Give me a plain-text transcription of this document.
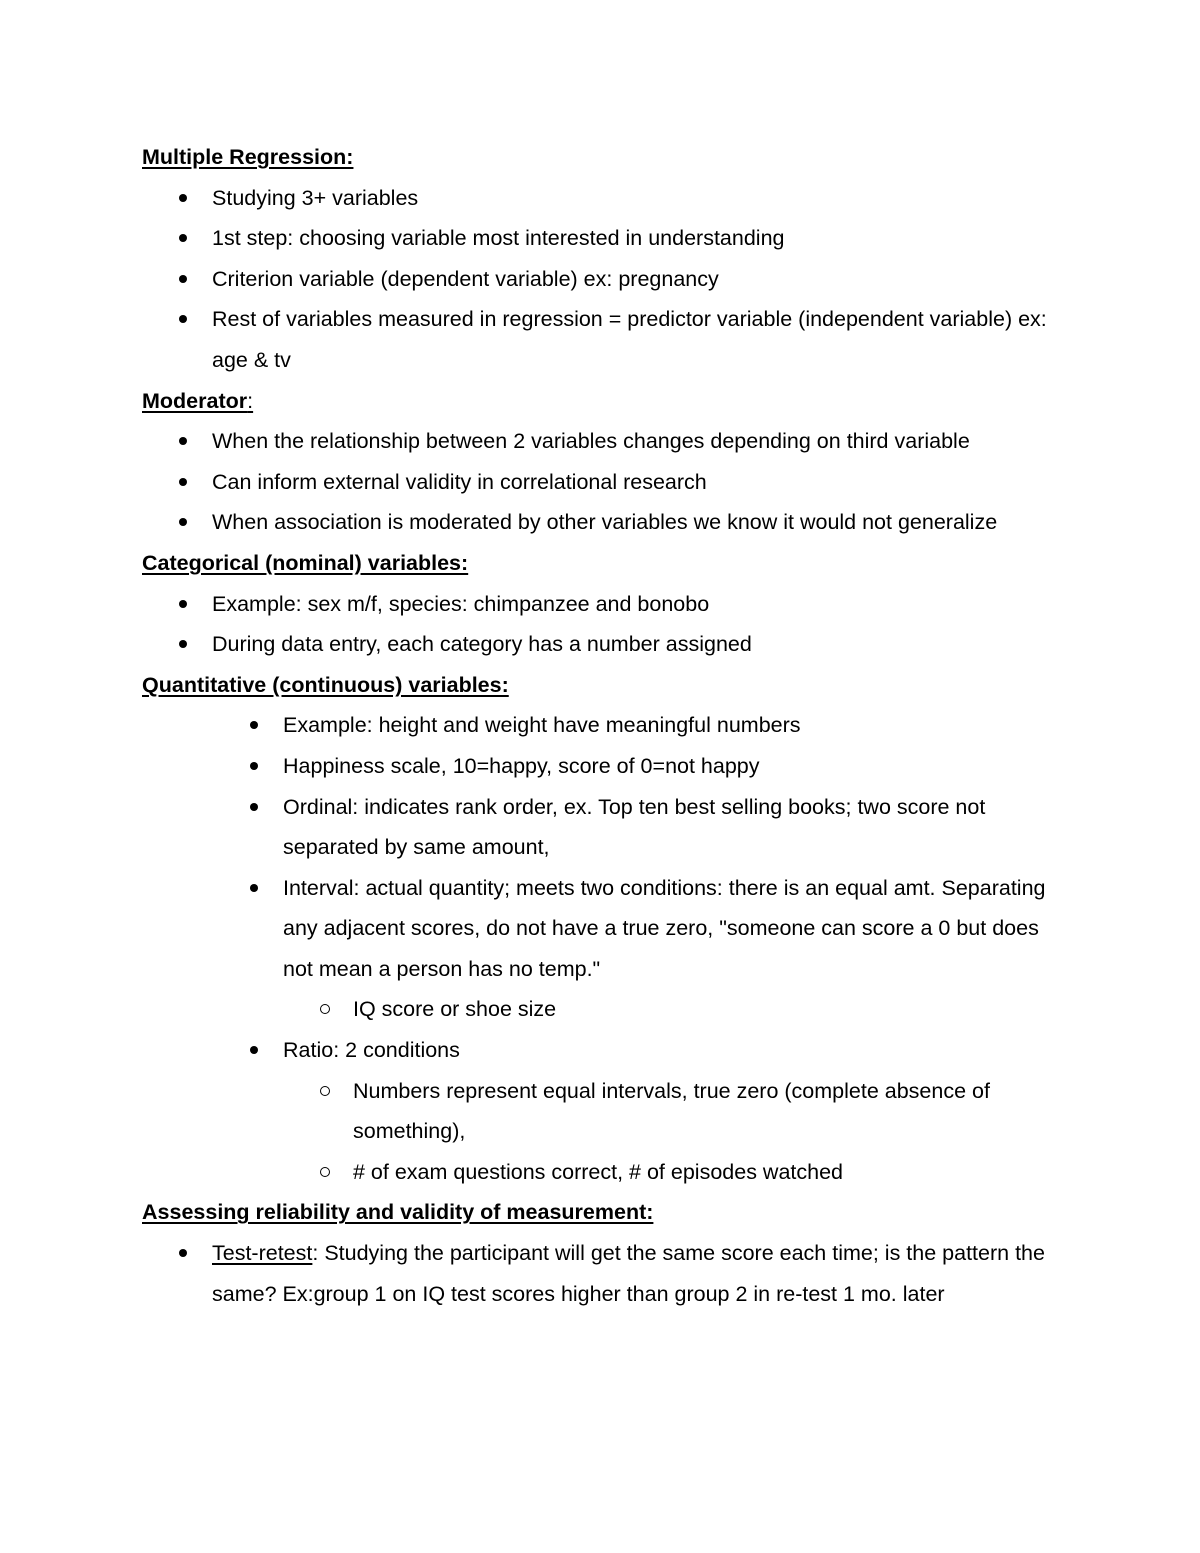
Multiple Regression:

Studying 3+ variables
1st step: choosing variable most interested in understanding
Criterion variable (dependent variable) ex: pregnancy
Rest of variables measured in regression = predictor variable (independent variable) ex: age & tv

Moderator:

When the relationship between 2 variables changes depending on third variable
Can inform external validity in correlational research
When association is moderated by other variables we know it would not generalize

Categorical (nominal) variables:

Example: sex m/f, species: chimpanzee and bonobo
During data entry, each category has a number assigned

Quantitative (continuous) variables:

Example: height and weight have meaningful numbers
Happiness scale, 10=happy, score of 0=not happy
Ordinal: indicates rank order, ex. Top ten best selling books; two score not separated by same amount,
Interval: actual quantity; meets two conditions: there is an equal amt. Separating any adjacent scores, do not have a true zero, "someone can score a 0 but does not mean a person has no temp."
IQ score or shoe size
Ratio: 2 conditions
Numbers represent equal intervals, true zero (complete absence of something),
# of exam questions correct, # of episodes watched

Assessing reliability and validity of measurement:

Test-retest: Studying the participant will get the same score each time; is the pattern the same? Ex:group 1 on IQ test scores higher than group 2 in re-test 1 mo. later
